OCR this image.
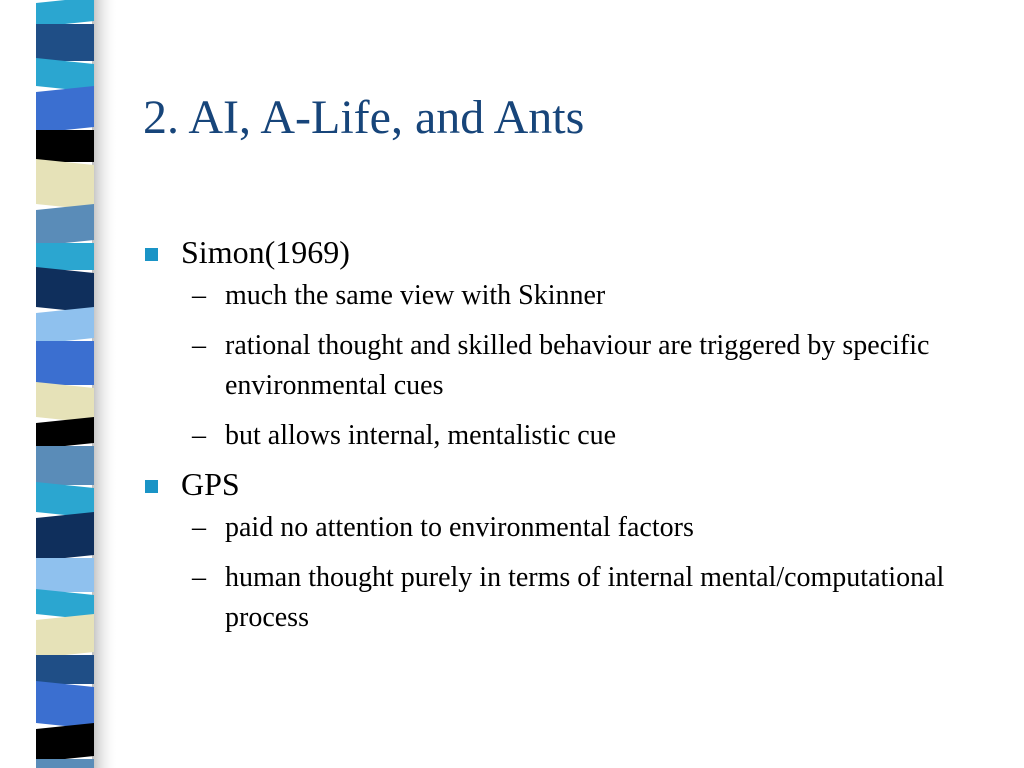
2. AI, A-Life, and Ants
Simon(1969)
– much the same view with Skinner
– rational thought and skilled behaviour are triggered by specific environmental cues
– but allows internal, mentalistic cue
GPS
– paid no attention to environmental factors
– human thought purely in terms of internal mental/computational process
